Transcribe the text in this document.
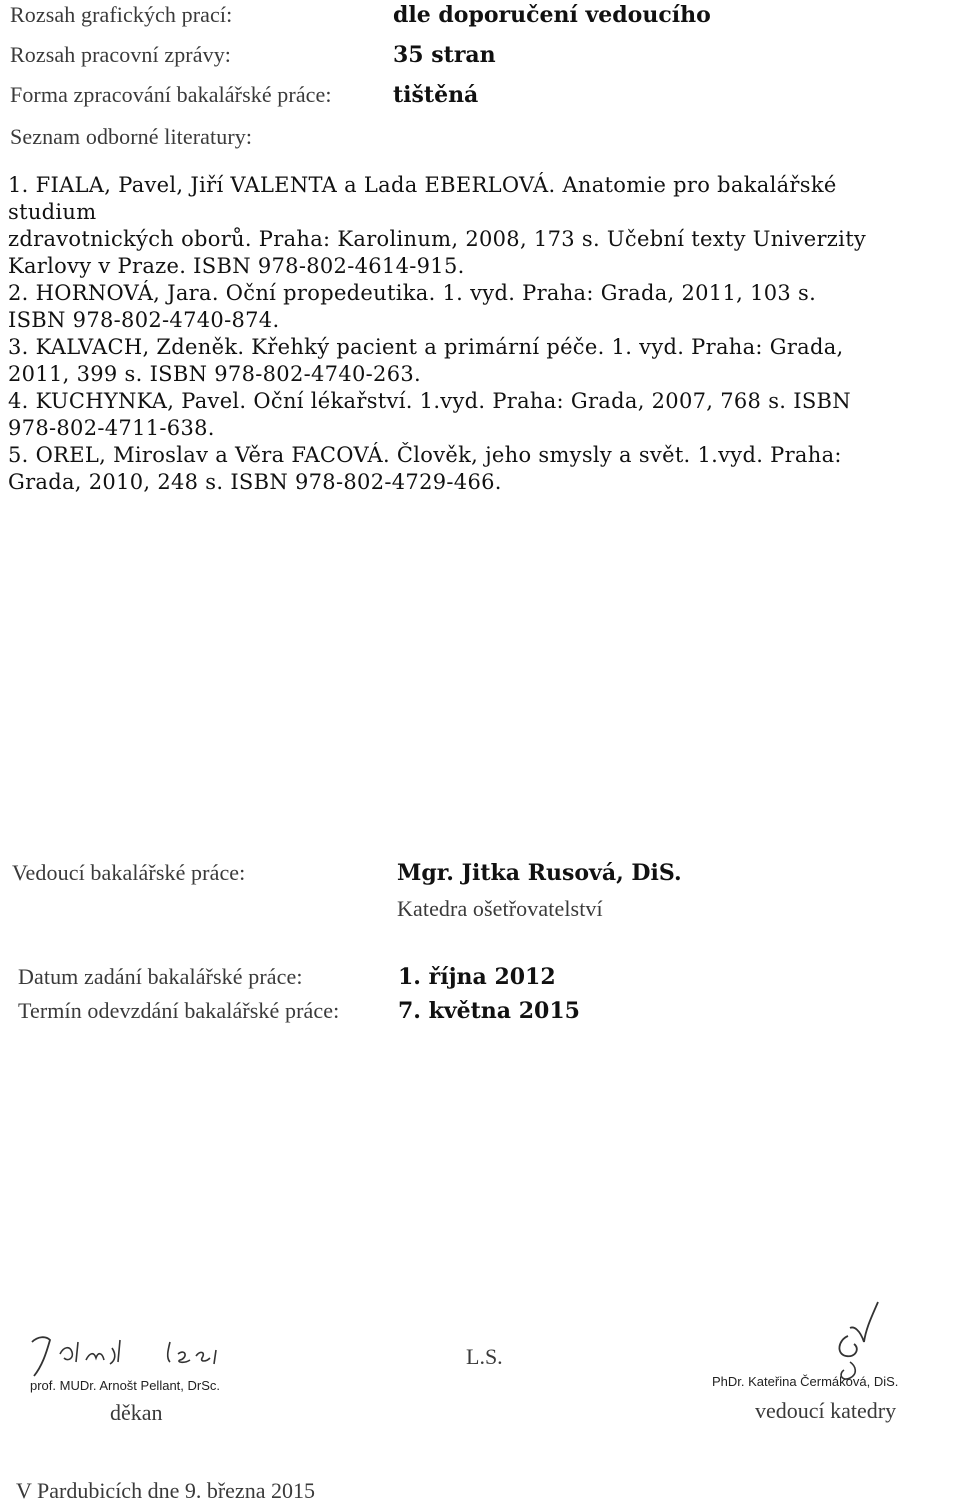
Rozsah grafických prací:	dle doporučení vedoucího
Rozsah pracovní zprávy:	35 stran
Forma zpracování bakalářské práce:	tištěná
Seznam odborné literatury:
1. FIALA, Pavel, Jiří VALENTA a Lada EBERLOVÁ. Anatomie pro bakalářské
studium
zdravotnických oborů. Praha: Karolinum, 2008, 173 s. Učební texty Univerzity
Karlovy v Praze. ISBN 978-802-4614-915.
2. HORNOVÁ, Jara. Oční propedeutika. 1. vyd. Praha: Grada, 2011, 103 s.
ISBN 978-802-4740-874.
3. KALVACH, Zdeněk. Křehký pacient a primární péče. 1. vyd. Praha: Grada,
2011, 399 s. ISBN 978-802-4740-263.
4. KUCHYNKA, Pavel. Oční lékařství. 1.vyd. Praha: Grada, 2007, 768 s. ISBN
978-802-4711-638.
5. OREL, Miroslav a Věra FACOVÁ. Člověk, jeho smysly a svět. 1.vyd. Praha:
Grada, 2010, 248 s. ISBN 978-802-4729-466.
Vedoucí bakalářské práce:	Mgr. Jitka Rusová, DiS.
Katedra ošetřovatelství
Datum zadání bakalářské práce:	1. října 2012
Termín odevzdání bakalářské práce:	7. května 2015
prof. MUDr. Arnošt Pellant, DrSc.
děkan
L.S.
PhDr. Kateřina Čermáková, DiS.
vedoucí katedry
V Pardubicích dne 9. března 2015
